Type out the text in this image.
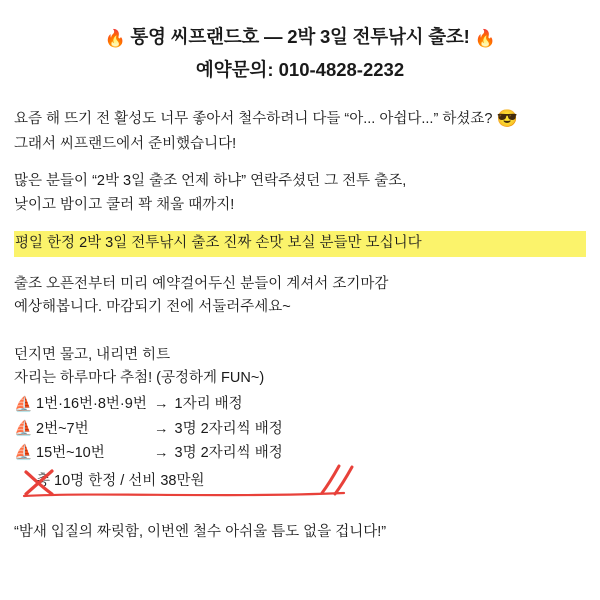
🔥 통영 씨프랜드호 — 2박 3일 전투낚시 출조! 🔥
예약문의: 010-4828-2232

요즘 해 뜨기 전 활성도 너무 좋아서 철수하려니 다들 “아... 아쉽다...” 하셨죠? 😎
그래서 씨프랜드에서 준비했습니다!

많은 분들이 “2박 3일 출조 언제 하냐” 연락주셨던 그 전투 출조,
낮이고 밤이고 쿨러 꽉 채울 때까지!

평일 한정 2박 3일 전투낚시 출조 진짜 손맛 보실 분들만 모십니다

출조 오픈전부터 미리 예약걸어두신 분들이 계셔서 조기마감
예상해봅니다. 마감되기 전에 서둘러주세요~

던지면 물고, 내리면 히트
자리는 하루마다 추첨! (공정하게 FUN~)

⛵ 1번·16번·8번·9번 → 1자리 배정
⛵ 2번~7번	→ 3명 2자리씩 배정
⛵ 15번~10번	→ 3명 2자리씩 배정
총 10명 한정 / 선비 38만원
“밤새 입질의 짜릿함, 이번엔 철수 아쉬울 틈도 없을 겁니다!”
